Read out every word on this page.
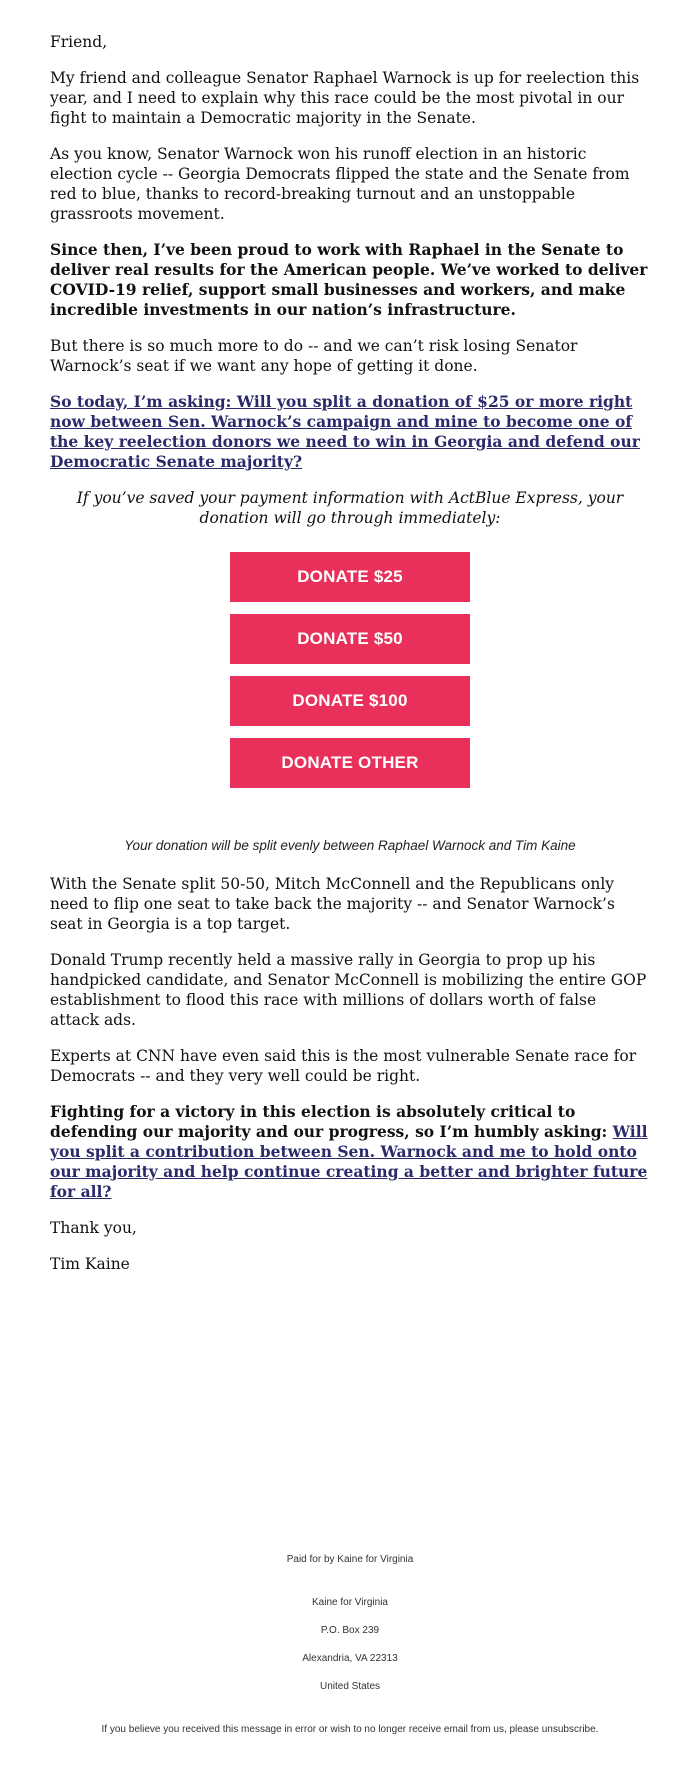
Friend,

My friend and colleague Senator Raphael Warnock is up for reelection this year, and I need to explain why this race could be the most pivotal in our fight to maintain a Democratic majority in the Senate.

As you know, Senator Warnock won his runoff election in an historic election cycle -- Georgia Democrats flipped the state and the Senate from red to blue, thanks to record-breaking turnout and an unstoppable grassroots movement.

Since then, I’ve been proud to work with Raphael in the Senate to deliver real results for the American people. We’ve worked to deliver COVID-19 relief, support small businesses and workers, and make incredible investments in our nation’s infrastructure.

But there is so much more to do -- and we can’t risk losing Senator Warnock’s seat if we want any hope of getting it done.

So today, I’m asking: Will you split a donation of $25 or more right now between Sen. Warnock’s campaign and mine to become one of the key reelection donors we need to win in Georgia and defend our Democratic Senate majority?

If you’ve saved your payment information with ActBlue Express, your donation will go through immediately:

DONATE $25
DONATE $50
DONATE $100
DONATE OTHER

Your donation will be split evenly between Raphael Warnock and Tim Kaine

With the Senate split 50-50, Mitch McConnell and the Republicans only need to flip one seat to take back the majority -- and Senator Warnock’s seat in Georgia is a top target.

Donald Trump recently held a massive rally in Georgia to prop up his handpicked candidate, and Senator McConnell is mobilizing the entire GOP establishment to flood this race with millions of dollars worth of false attack ads.

Experts at CNN have even said this is the most vulnerable Senate race for Democrats -- and they very well could be right.

Fighting for a victory in this election is absolutely critical to defending our majority and our progress, so I’m humbly asking: Will you split a contribution between Sen. Warnock and me to hold onto our majority and help continue creating a better and brighter future for all?

Thank you,

Tim Kaine

Paid for by Kaine for Virginia
Kaine for Virginia
P.O. Box 239
Alexandria, VA 22313
United States
If you believe you received this message in error or wish to no longer receive email from us, please unsubscribe.
